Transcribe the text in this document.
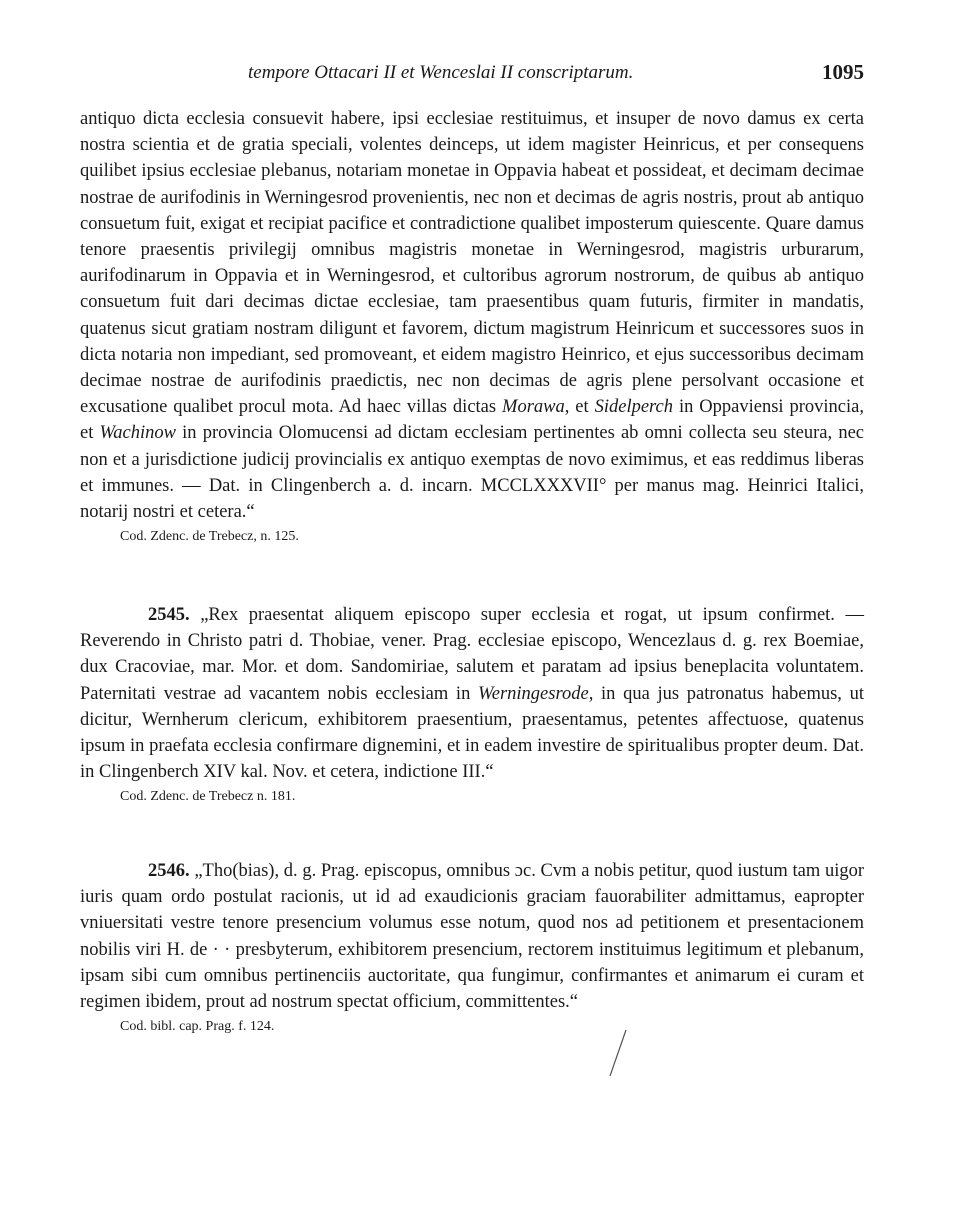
tempore Ottacari II et Wenceslai II conscriptarum.	1095

antiquo dicta ecclesia consuevit habere, ipsi ecclesiae restituimus, et insuper de novo damus ex certa nostra scientia et de gratia speciali, volentes deinceps, ut idem magister Heinricus, et per consequens quilibet ipsius ecclesiae plebanus, notariam monetae in Oppavia habeat et possideat, et decimam decimae nostrae de aurifodinis in Werningesrod provenientis, nec non et decimas de agris nostris, prout ab antiquo consuetum fuit, exigat et recipiat pacifice et contradictione qualibet imposterum quiescente. Quare damus tenore praesentis privilegij omnibus magistris monetae in Werningesrod, magistris urburarum, aurifodinarum in Oppavia et in Werningesrod, et cultoribus agrorum nostrorum, de quibus ab antiquo consuetum fuit dari decimas dictae ecclesiae, tam praesentibus quam futuris, firmiter in mandatis, quatenus sicut gratiam nostram diligunt et favorem, dictum magistrum Heinricum et successores suos in dicta notaria non impediant, sed promoveant, et eidem magistro Heinrico, et ejus successoribus decimam decimae nostrae de aurifodinis praedictis, nec non decimas de agris plene persolvant occasione et excusatione qualibet procul mota. Ad haec villas dictas Morawa, et Sidelperch in Oppaviensi provincia, et Wachinow in provincia Olomucensi ad dictam ecclesiam pertinentes ab omni collecta seu steura, nec non et a jurisdictione judicij provincialis ex antiquo exemptas de novo eximimus, et eas reddimus liberas et immunes. — Dat. in Clingenberch a. d. incarn. MCCLXXXVII° per manus mag. Heinrici Italici, notarij nostri et cetera.“

Cod. Zdenc. de Trebecz, n. 125.

2545. „Rex praesentat aliquem episcopo super ecclesia et rogat, ut ipsum confirmet. — Reverendo in Christo patri d. Thobiae, vener. Prag. ecclesiae episcopo, Wencezlaus d. g. rex Boemiae, dux Cracoviae, mar. Mor. et dom. Sandomiriae, salutem et paratam ad ipsius beneplacita voluntatem. Paternitati vestrae ad vacantem nobis ecclesiam in Werningesrode, in qua jus patronatus habemus, ut dicitur, Wernherum clericum, exhibitorem praesentium, praesentamus, petentes affectuose, quatenus ipsum in praefata ecclesia confirmare dignemini, et in eadem investire de spiritualibus propter deum. Dat. in Clingenberch XIV kal. Nov. et cetera, indictione III.“

Cod. Zdenc. de Trebecz n. 181.

2546. „Tho(bias), d. g. Prag. episcopus, omnibus ɔc. Cvm a nobis petitur, quod iustum tam uigor iuris quam ordo postulat racionis, ut id ad exaudicionis graciam fauorabiliter admittamus, eapropter vniuersitati vestre tenore presencium volumus esse notum, quod nos ad petitionem et presentacionem nobilis viri H. de · · presbyterum, exhibitorem presencium, rectorem instituimus legitimum et plebanum, ipsam sibi cum omnibus pertinenciis auctoritate, qua fungimur, confirmantes et animarum ei curam et regimen ibidem, prout ad nostrum spectat officium, committentes.“

Cod. bibl. cap. Prag. f. 124.
